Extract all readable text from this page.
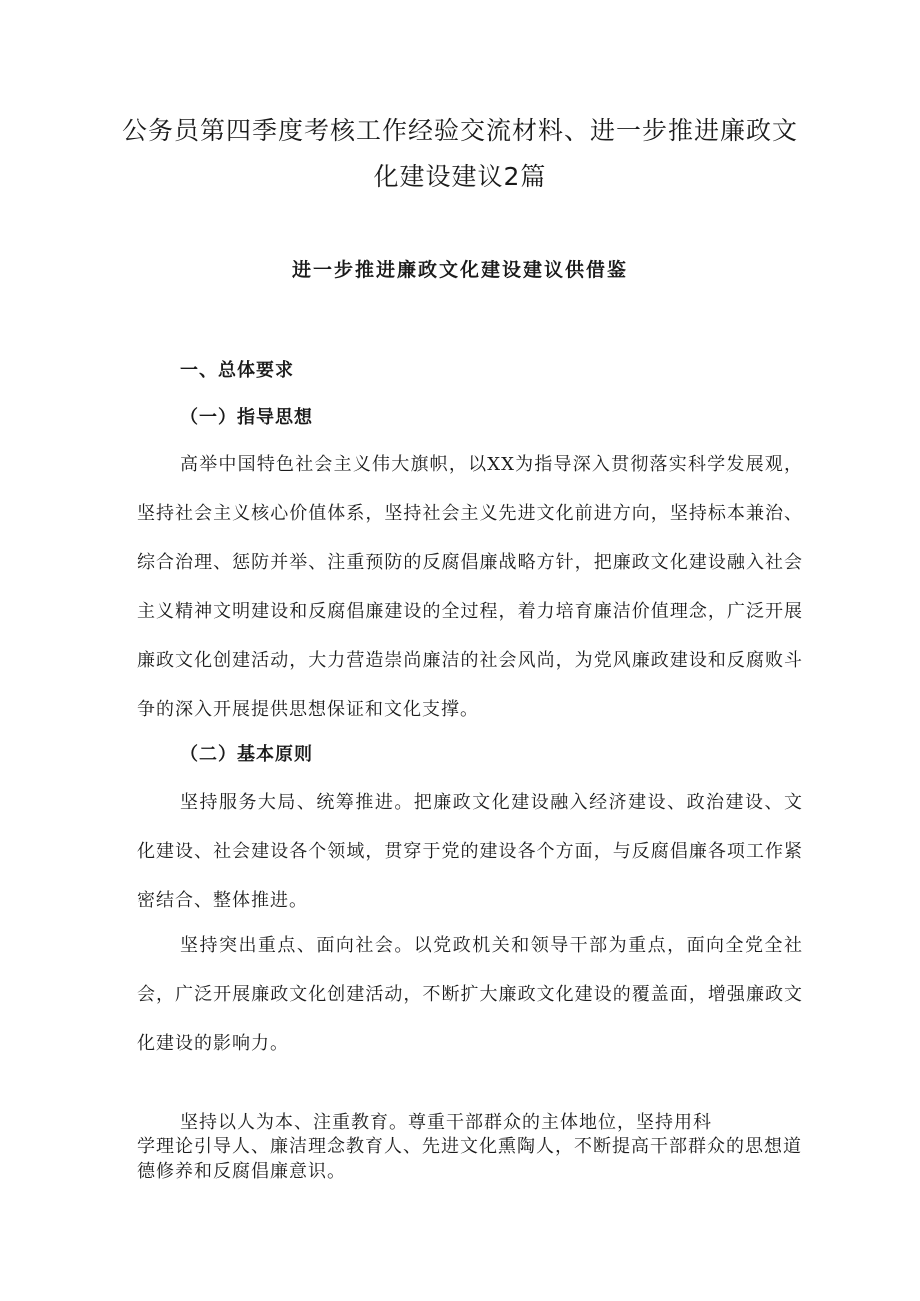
公务员第四季度考核工作经验交流材料、进一步推进廉政文化建设建议2篇
进一步推进廉政文化建设建议供借鉴
一、总体要求
（一）指导思想

高举中国特色社会主义伟大旗帜，以XX为指导深入贯彻落实科学发展观，坚持社会主义核心价值体系，坚持社会主义先进文化前进方向，坚持标本兼治、综合治理、惩防并举、注重预防的反腐倡廉战略方针，把廉政文化建设融入社会主义精神文明建设和反腐倡廉建设的全过程，着力培育廉洁价值理念，广泛开展廉政文化创建活动，大力营造崇尚廉洁的社会风尚，为党风廉政建设和反腐败斗争的深入开展提供思想保证和文化支撑。

（二）基本原则

坚持服务大局、统筹推进。把廉政文化建设融入经济建设、政治建设、文化建设、社会建设各个领域，贯穿于党的建设各个方面，与反腐倡廉各项工作紧密结合、整体推进。

坚持突出重点、面向社会。以党政机关和领导干部为重点，面向全党全社会，广泛开展廉政文化创建活动，不断扩大廉政文化建设的覆盖面，增强廉政文化建设的影响力。

坚持以人为本、注重教育。尊重干部群众的主体地位，坚持用科

学理论引导人、廉洁理念教育人、先进文化熏陶人，不断提高干部群众的思想道德修养和反腐倡廉意识。
